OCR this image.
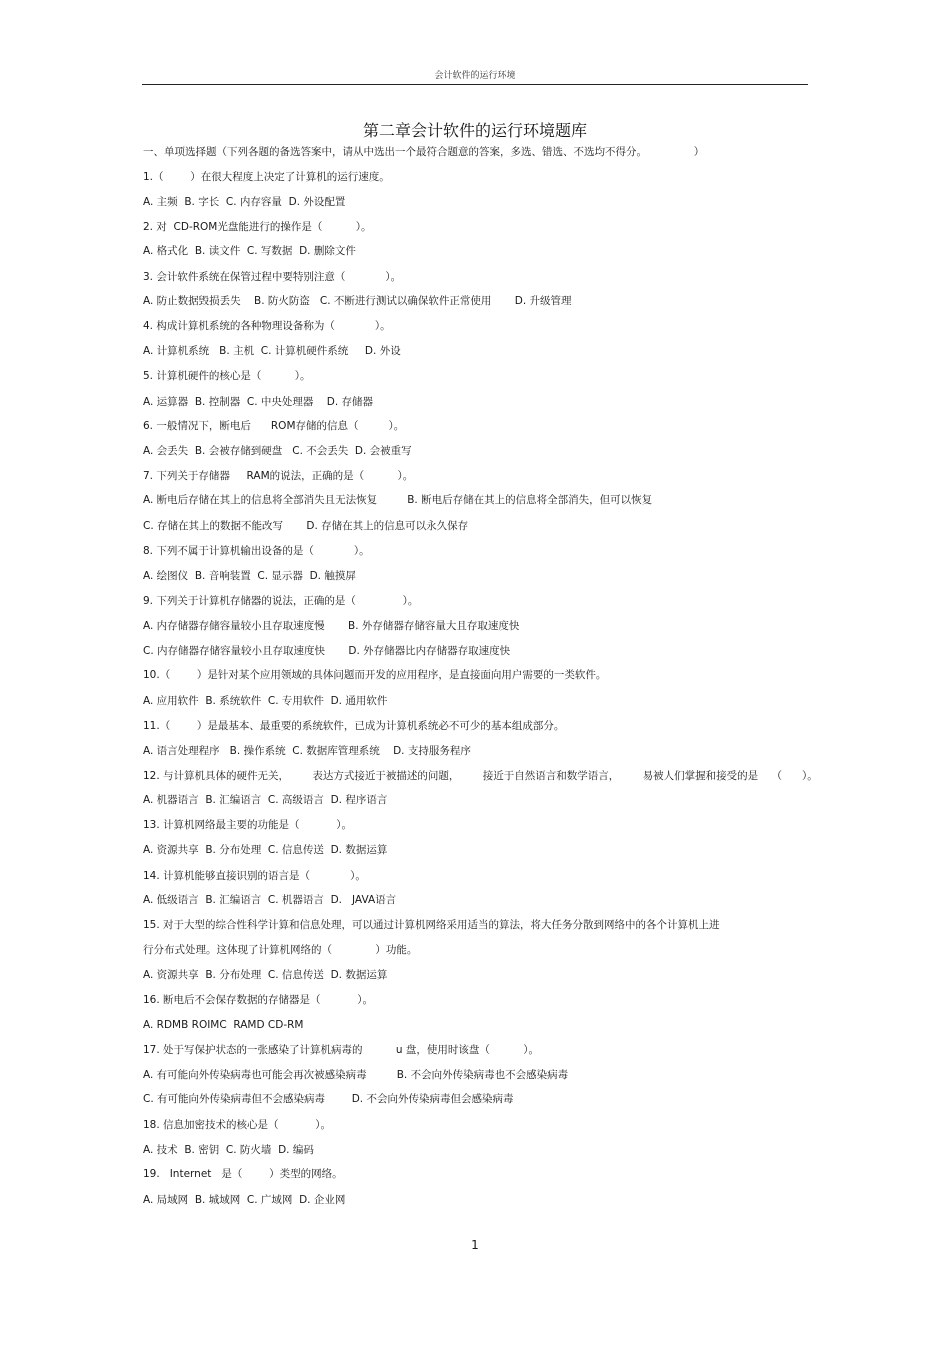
会计软件的运行环境
第二章会计软件的运行环境题库
一、单项选择题（下列各题的备选答案中，请从中选出一个最符合题意的答案，多选、错选、不选均不得分。              ）
1.（        ）在很大程度上决定了计算机的运行速度。
A. 主频  B. 字长  C. 内存容量  D. 外设配置
2. 对  CD-ROM光盘能进行的操作是（          ）。
A. 格式化  B. 读文件  C. 写数据  D. 删除文件
3. 会计软件系统在保管过程中要特别注意（            ）。
A. 防止数据毁损丢失    B. 防火防盗   C. 不断进行测试以确保软件正常使用       D. 升级管理
4. 构成计算机系统的各种物理设备称为（            ）。
A. 计算机系统   B. 主机  C. 计算机硬件系统     D. 外设
5. 计算机硬件的核心是（          ）。
A. 运算器  B. 控制器  C. 中央处理器    D. 存储器
6. 一般情况下，断电后      ROM存储的信息（         ）。
A. 会丢失  B. 会被存储到硬盘   C. 不会丢失  D. 会被重写
7. 下列关于存储器     RAM的说法，正确的是（          ）。
A. 断电后存储在其上的信息将全部消失且无法恢复         B. 断电后存储在其上的信息将全部消失，但可以恢复
C. 存储在其上的数据不能改写       D. 存储在其上的信息可以永久保存
8. 下列不属于计算机输出设备的是（            ）。
A. 绘图仪  B. 音响装置  C. 显示器  D. 触摸屏
9. 下列关于计算机存储器的说法，正确的是（              ）。
A. 内存储器存储容量较小且存取速度慢       B. 外存储器存储容量大且存取速度快
C. 内存储器存储容量较小且存取速度快       D. 外存储器比内存储器存取速度快
10.（        ）是针对某个应用领域的具体问题而开发的应用程序，是直接面向用户需要的一类软件。
A. 应用软件  B. 系统软件  C. 专用软件  D. 通用软件
11.（        ）是最基本、最重要的系统软件，已成为计算机系统必不可少的基本组成部分。
A. 语言处理程序   B. 操作系统  C. 数据库管理系统    D. 支持服务程序
12. 与计算机具体的硬件无关，       表达方式接近于被描述的问题，       接近于自然语言和数学语言，       易被人们掌握和接受的是    （      ）。
A. 机器语言  B. 汇编语言  C. 高级语言  D. 程序语言
13. 计算机网络最主要的功能是（           ）。
A. 资源共享  B. 分布处理  C. 信息传送  D. 数据运算
14. 计算机能够直接识别的语言是（            ）。
A. 低级语言  B. 汇编语言  C. 机器语言  D.   JAVA语言
15. 对于大型的综合性科学计算和信息处理，可以通过计算机网络采用适当的算法，将大任务分散到网络中的各个计算机上进
行分布式处理。这体现了计算机网络的（             ）功能。
A. 资源共享  B. 分布处理  C. 信息传送  D. 数据运算
16. 断电后不会保存数据的存储器是（           ）。
A. RDMB ROIMC  RAMD CD-RM
17. 处于写保护状态的一张感染了计算机病毒的          u 盘，使用时该盘（          ）。
A. 有可能向外传染病毒也可能会再次被感染病毒         B. 不会向外传染病毒也不会感染病毒
C. 有可能向外传染病毒但不会感染病毒        D. 不会向外传染病毒但会感染病毒
18. 信息加密技术的核心是（           ）。
A. 技术  B. 密钥  C. 防火墙  D. 编码
19.   Internet   是（        ）类型的网络。
A. 局域网  B. 城域网  C. 广域网  D. 企业网
1
